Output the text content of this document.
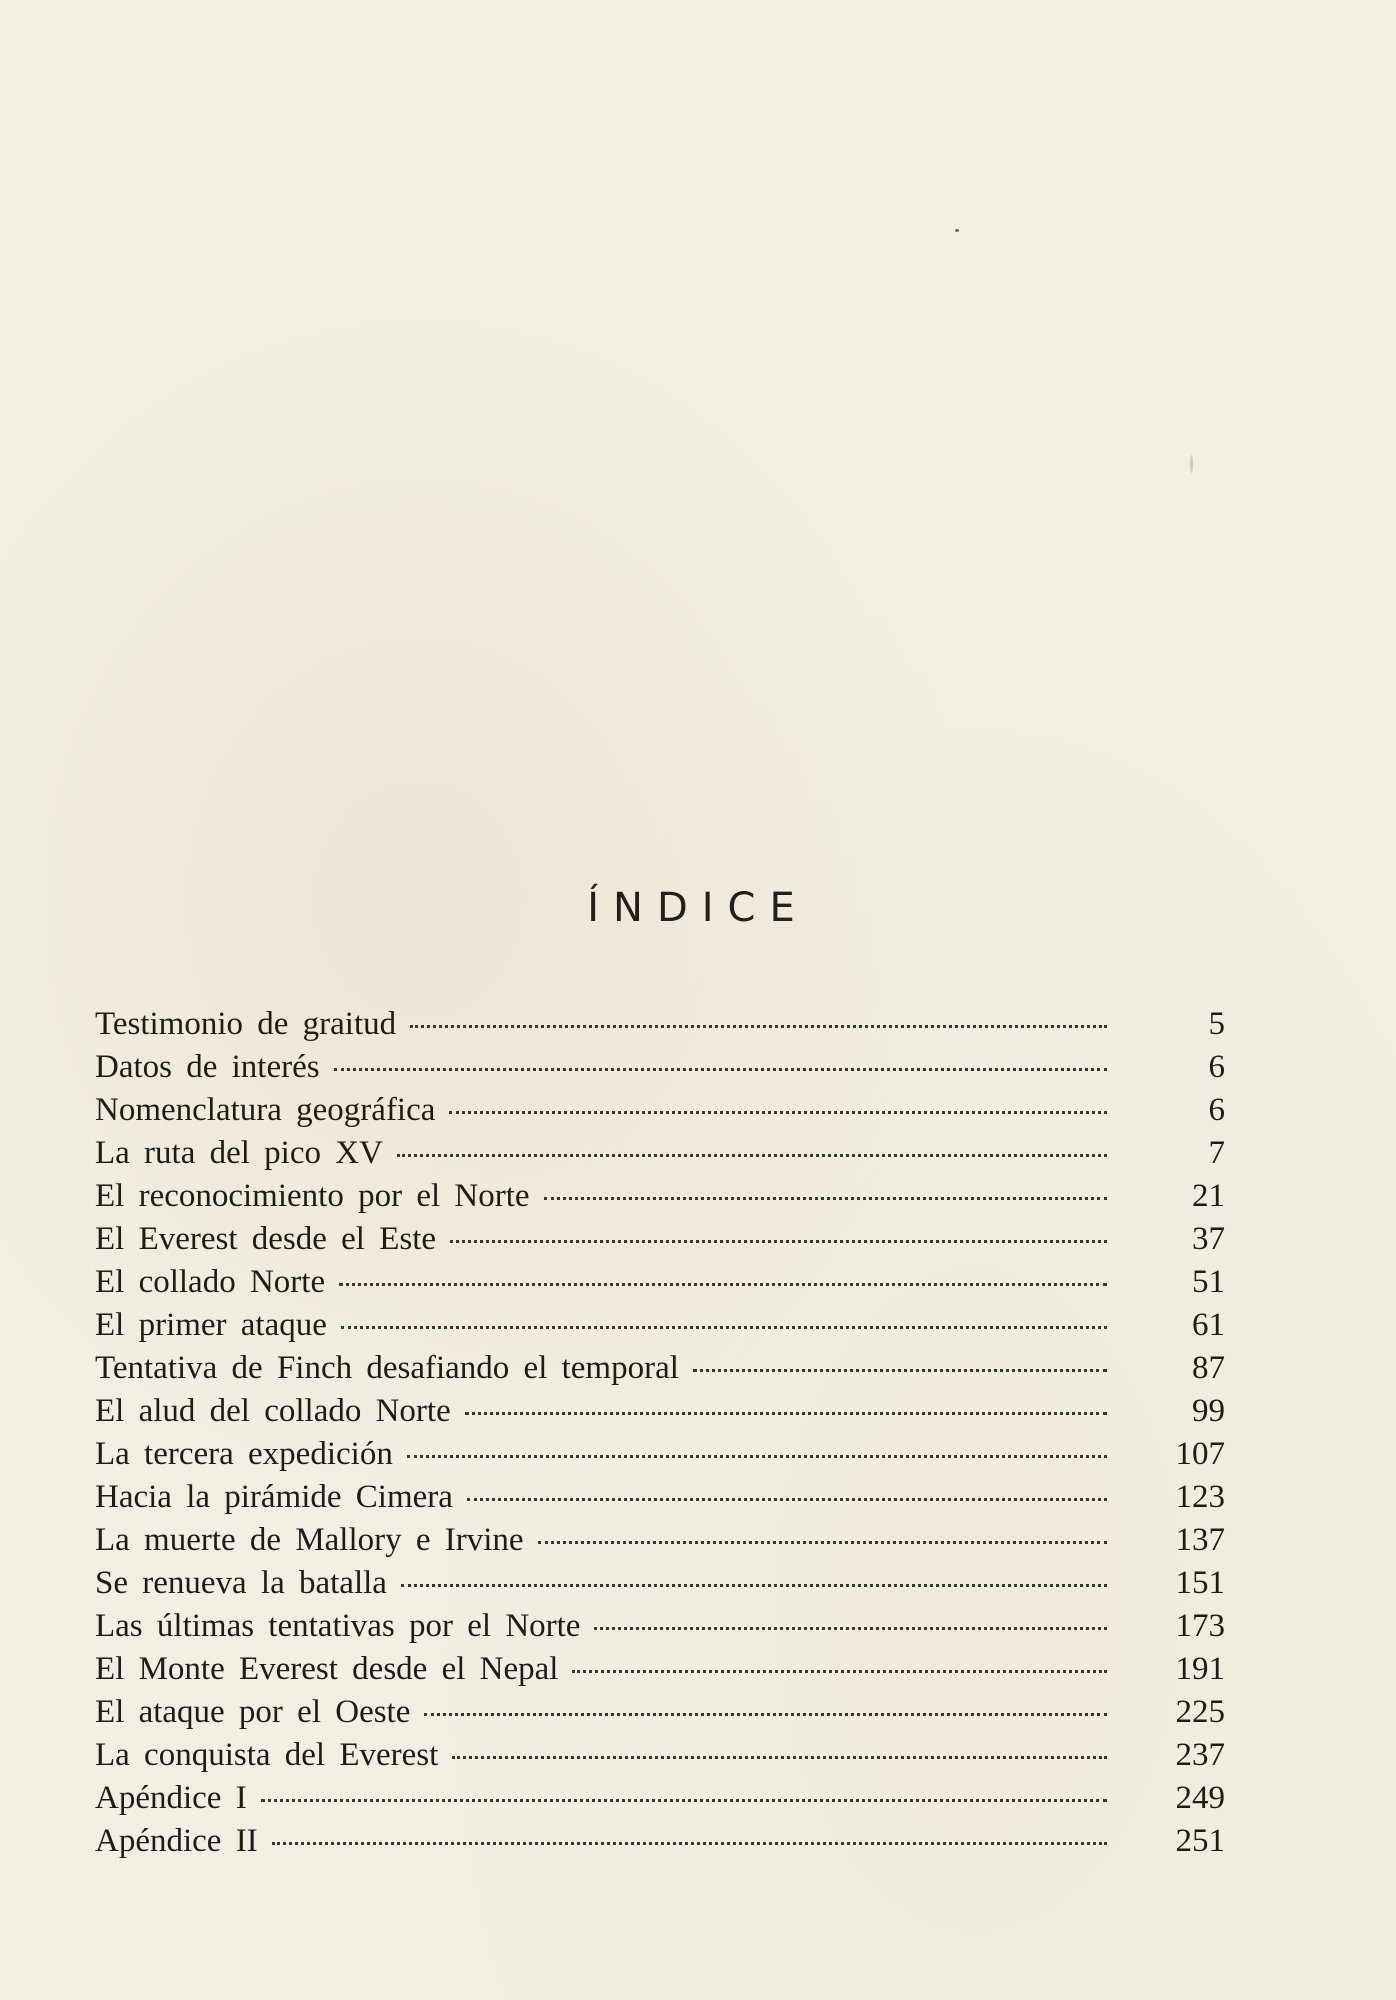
ÍNDICE
Testimonio de graitud	5
Datos de interés	6
Nomenclatura geográfica	6
La ruta del pico XV	7
El reconocimiento por el Norte	21
El Everest desde el Este	37
El collado Norte	51
El primer ataque	61
Tentativa de Finch desafiando el temporal	87
El alud del collado Norte	99
La tercera expedición	107
Hacia la pirámide Cimera	123
La muerte de Mallory e Irvine	137
Se renueva la batalla	151
Las últimas tentativas por el Norte	173
El Monte Everest desde el Nepal	191
El ataque por el Oeste	225
La conquista del Everest	237
Apéndice I	249
Apéndice II	251
